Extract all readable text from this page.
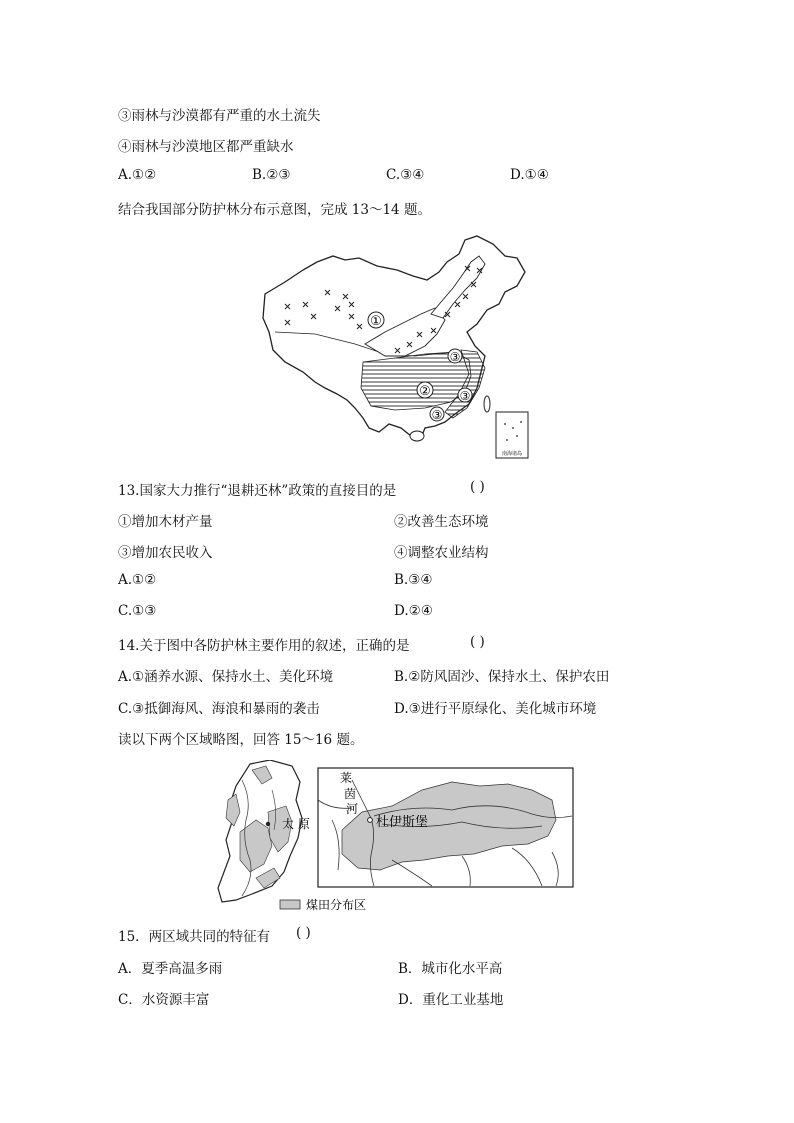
③雨林与沙漠都有严重的水土流失
④雨林与沙漠地区都严重缺水
A.①②	B.②③	C.③④	D.①④
结合我国部分防护林分布示意图，完成 13～14 题。
①
②
③
③
③
南海诸岛
13.国家大力推行“退耕还林”政策的直接目的是	( )
①增加木材产量	②改善生态环境
③增加农民收入	④调整农业结构
A.①②	B.③④
C.①③	D.②④
14.关于图中各防护林主要作用的叙述，正确的是	( )
A.①涵养水源、保持水土、美化环境	B.②防风固沙、保持水土、保护农田
C.③抵御海风、海浪和暴雨的袭击	D.③进行平原绿化、美化城市环境
读以下两个区域略图，回答 15～16 题。
太 原
莱
茵
河
杜伊斯堡
煤田分布区
15．两区域共同的特征有 ( )
A．夏季高温多雨	B．城市化水平高
C．水资源丰富	D．重化工业基地
